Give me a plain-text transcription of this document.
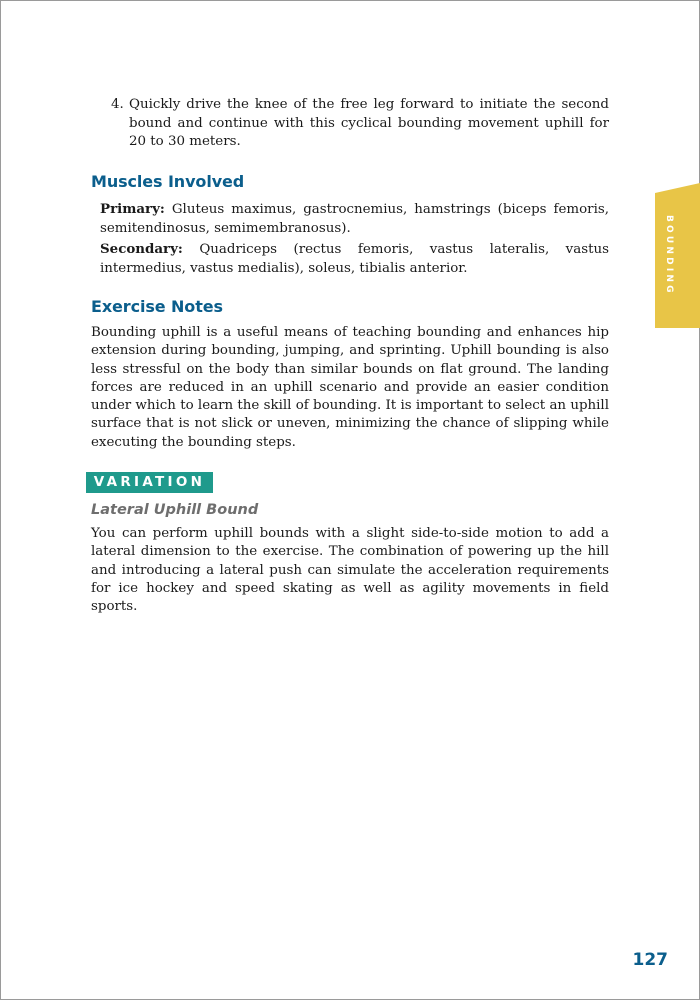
4. Quickly drive the knee of the free leg forward to initiate the second bound and continue with this cyclical bounding movement uphill for 20 to 30 meters.
Muscles Involved

Primary: Gluteus maximus, gastrocnemius, hamstrings (biceps femoris, semitendinosus, semimembranosus).

Secondary: Quadriceps (rectus femoris, vastus lateralis, vastus intermedius, vastus medialis), soleus, tibialis anterior.

Exercise Notes

Bounding uphill is a useful means of teaching bounding and enhances hip extension during bounding, jumping, and sprinting. Uphill bounding is also less stressful on the body than similar bounds on flat ground. The landing forces are reduced in an uphill scenario and provide an easier condition under which to learn the skill of bounding. It is important to select an uphill surface that is not slick or uneven, minimizing the chance of slipping while executing the bounding steps.

VARIATION
Lateral Uphill Bound

You can perform uphill bounds with a slight side-to-side motion to add a lateral dimension to the exercise. The combination of powering up the hill and introducing a lateral push can simulate the acceleration requirements for ice hockey and speed skating as well as agility movements in field sports.

BOUNDING
127
